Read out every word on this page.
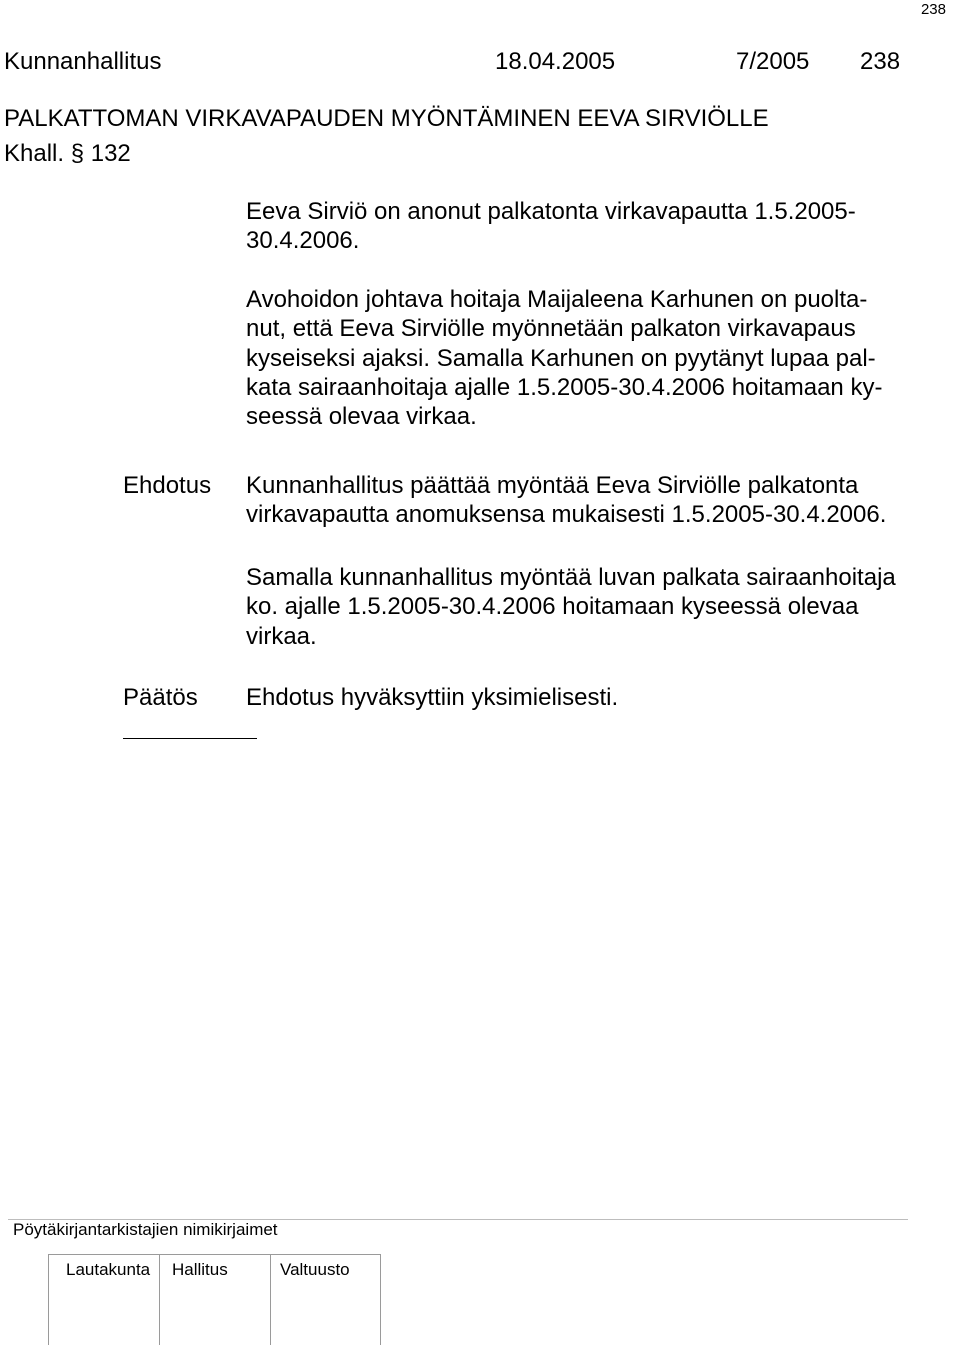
238
Kunnanhallitus	18.04.2005	7/2005 238
PALKATTOMAN VIRKAVAPAUDEN MYÖNTÄMINEN EEVA SIRVIÖLLE
Khall. § 132
Eeva Sirviö on anonut palkatonta virkavapautta 1.5.2005-
30.4.2006.
Avohoidon johtava hoitaja Maijaleena Karhunen on puolta-
nut, että Eeva Sirviölle myönnetään palkaton virkavapaus
kyseiseksi ajaksi. Samalla Karhunen on pyytänyt lupaa pal-
kata sairaanhoitaja ajalle 1.5.2005-30.4.2006 hoitamaan ky-
seessä olevaa virkaa.
Ehdotus Kunnanhallitus päättää myöntää Eeva Sirviölle palkatonta
virkavapautta anomuksensa mukaisesti 1.5.2005-30.4.2006.
Samalla kunnanhallitus myöntää luvan palkata sairaanhoitaja
ko. ajalle 1.5.2005-30.4.2006 hoitamaan kyseessä olevaa
virkaa.
Päätös Ehdotus hyväksyttiin yksimielisesti.
Pöytäkirjantarkistajien nimikirjaimet
Lautakunta Hallitus	Valtuusto
